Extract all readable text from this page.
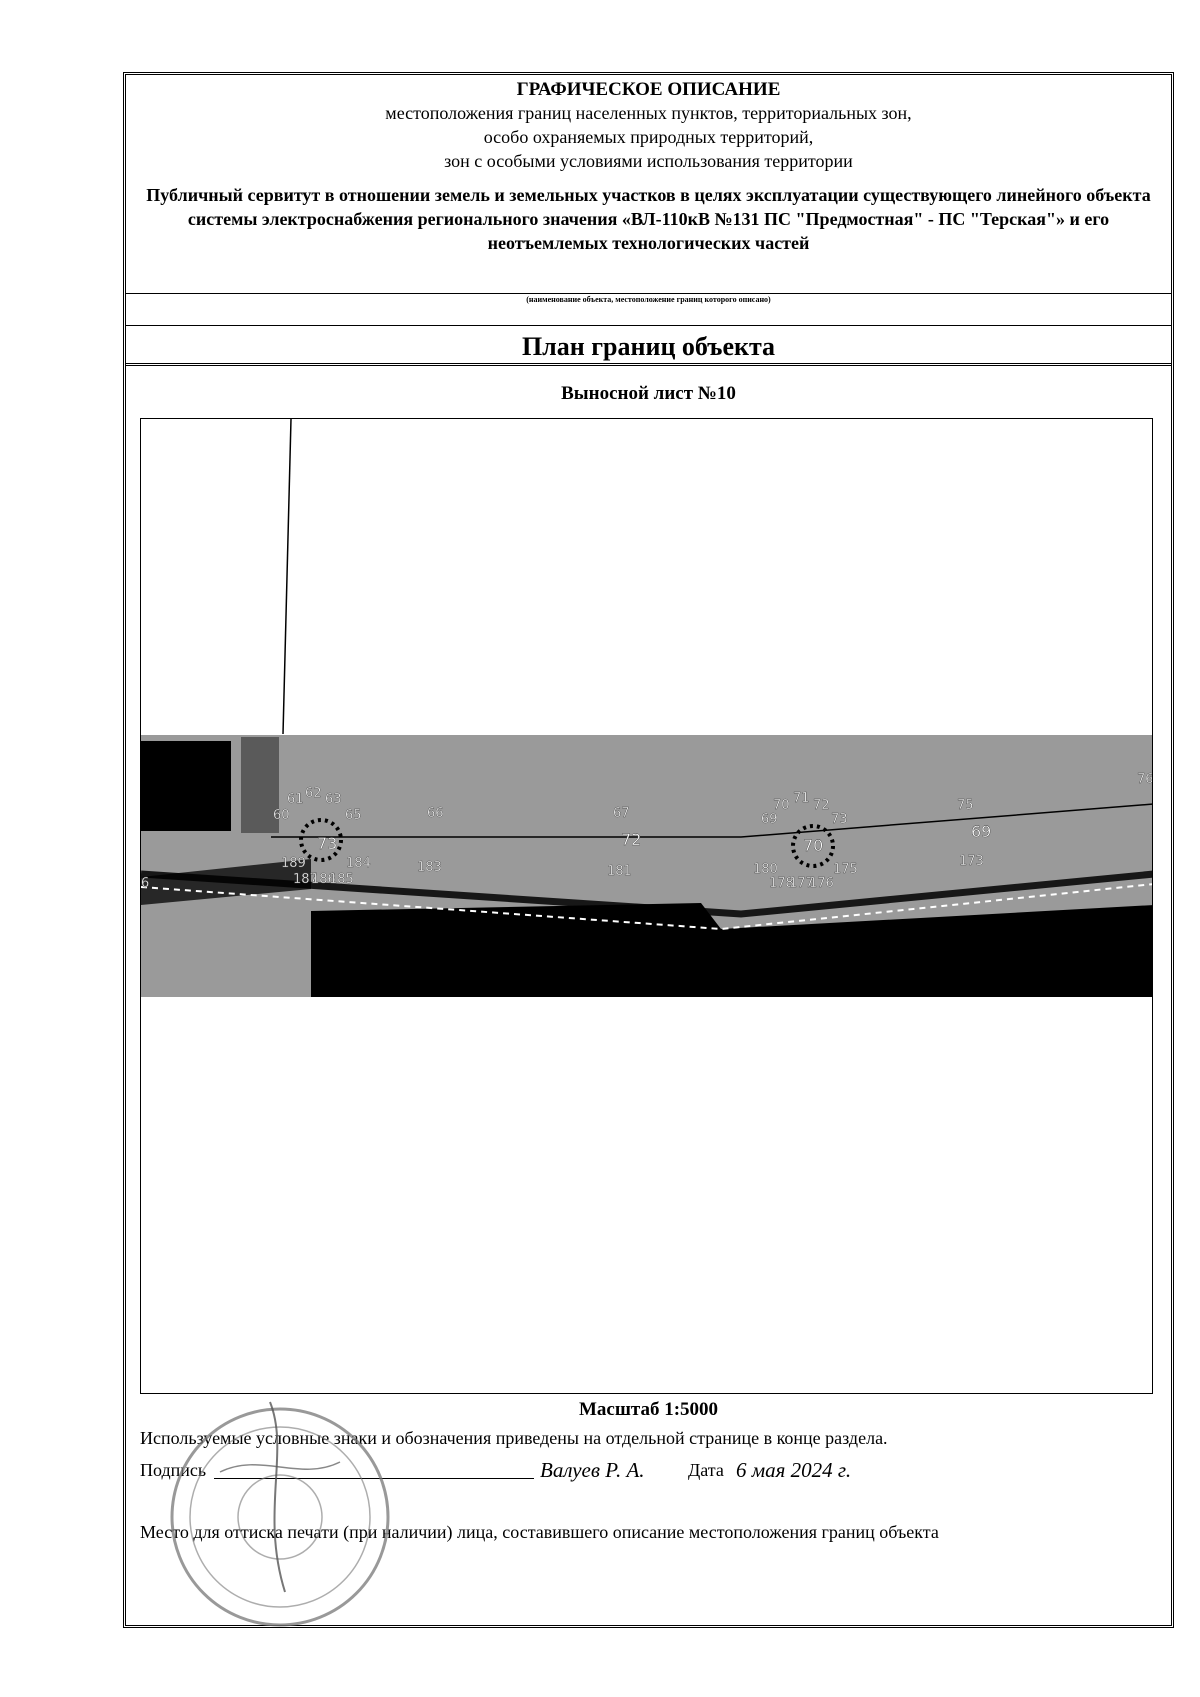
ГРАФИЧЕСКОЕ ОПИСАНИЕ
местоположения границ населенных пунктов, территориальных зон,
особо охраняемых природных территорий,
зон с особыми условиями использования территории
Публичный сервитут в отношении земель и земельных участков в целях эксплуатации существующего линейного объекта системы электроснабжения регионального значения «ВЛ-110кВ №131 ПС "Предмостная" - ПС "Терская"» и его неотъемлемых технологических частей
(наименование объекта, местоположение границ которого описано)
План границ объекта
Выносной лист №10
61 62 63
60	65	66
73
189	184
187
186
185
183
67
72
181
70 71 72
69	73
70
180	175
178
177
176
75
69
173
76
6
Масштаб 1:5000
Используемые условные знаки и обозначения приведены на отдельной странице в конце раздела.
Подпись	Валуев Р. А. Дата 6 мая 2024 г.
Место для оттиска печати (при наличии) лица, составившего описание местоположения границ объекта
